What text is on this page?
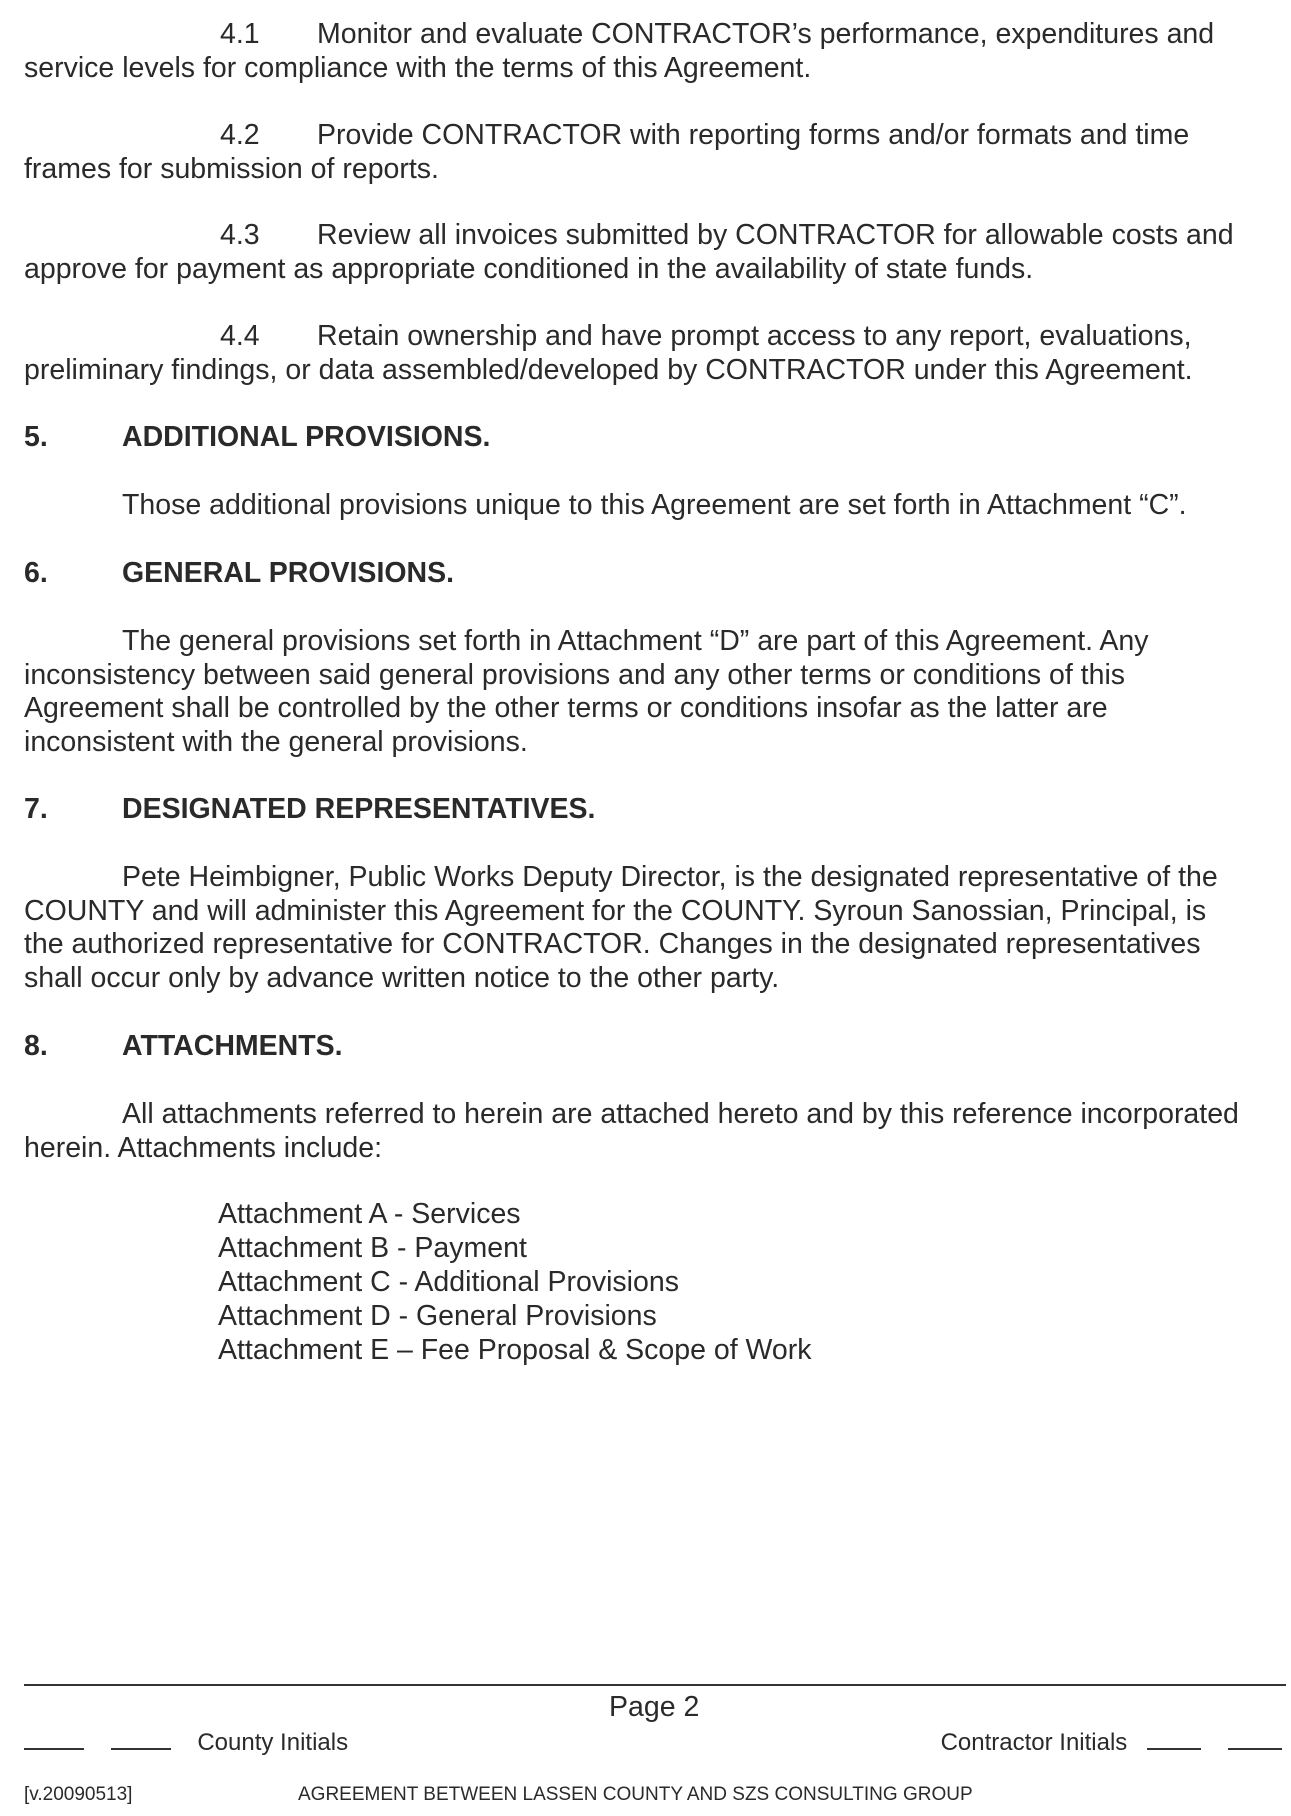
4.1 Monitor and evaluate CONTRACTOR’s performance, expenditures and
service levels for compliance with the terms of this Agreement.
4.2 Provide CONTRACTOR with reporting forms and/or formats and time
frames for submission of reports.
4.3 Review all invoices submitted by CONTRACTOR for allowable costs and
approve for payment as appropriate conditioned in the availability of state funds.
4.4 Retain ownership and have prompt access to any report, evaluations,
preliminary findings, or data assembled/developed by CONTRACTOR under this Agreement.
5.	ADDITIONAL PROVISIONS.
Those additional provisions unique to this Agreement are set forth in Attachment “C”.
6.	GENERAL PROVISIONS.
The general provisions set forth in Attachment “D” are part of this Agreement. Any
inconsistency between said general provisions and any other terms or conditions of this
Agreement shall be controlled by the other terms or conditions insofar as the latter are
inconsistent with the general provisions.
7.	DESIGNATED REPRESENTATIVES.
Pete Heimbigner, Public Works Deputy Director, is the designated representative of the
COUNTY and will administer this Agreement for the COUNTY. Syroun Sanossian, Principal, is
the authorized representative for CONTRACTOR. Changes in the designated representatives
shall occur only by advance written notice to the other party.
8.	ATTACHMENTS.
All attachments referred to herein are attached hereto and by this reference incorporated
herein. Attachments include:
Attachment A - Services
Attachment B - Payment
Attachment C - Additional Provisions
Attachment D - General Provisions
Attachment E – Fee Proposal & Scope of Work
Page 2
County Initials	Contractor Initials
[v.20090513]	AGREEMENT BETWEEN LASSEN COUNTY AND SZS CONSULTING GROUP
